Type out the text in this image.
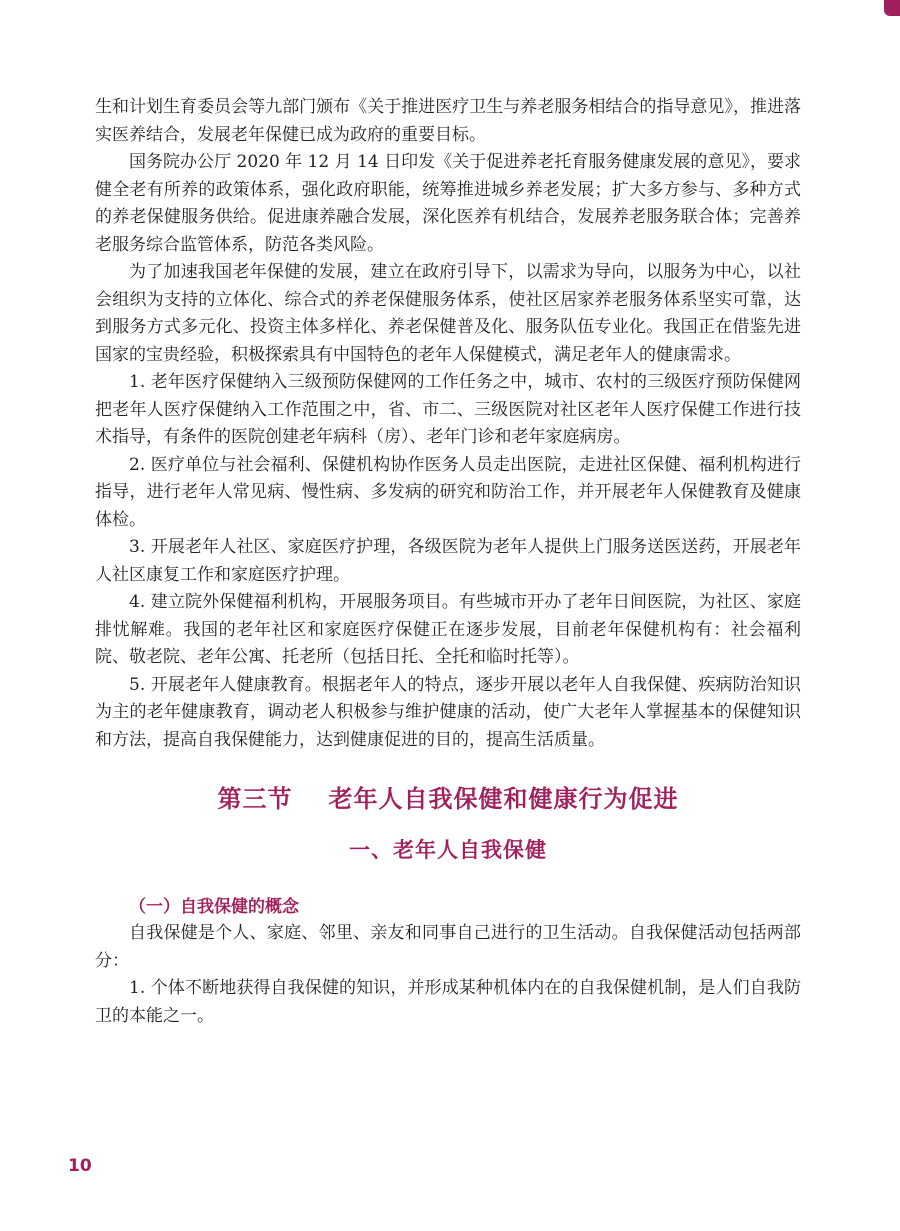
生和计划生育委员会等九部门颁布《关于推进医疗卫生与养老服务相结合的指导意见》，推进落实医养结合，发展老年保健已成为政府的重要目标。

国务院办公厅 2020 年 12 月 14 日印发《关于促进养老托育服务健康发展的意见》，要求健全老有所养的政策体系，强化政府职能，统筹推进城乡养老发展；扩大多方参与、多种方式的养老保健服务供给。促进康养融合发展，深化医养有机结合，发展养老服务联合体；完善养老服务综合监管体系，防范各类风险。

为了加速我国老年保健的发展，建立在政府引导下，以需求为导向，以服务为中心，以社会组织为支持的立体化、综合式的养老保健服务体系，使社区居家养老服务体系坚实可靠，达到服务方式多元化、投资主体多样化、养老保健普及化、服务队伍专业化。我国正在借鉴先进国家的宝贵经验，积极探索具有中国特色的老年人保健模式，满足老年人的健康需求。

1. 老年医疗保健纳入三级预防保健网的工作任务之中，城市、农村的三级医疗预防保健网把老年人医疗保健纳入工作范围之中，省、市二、三级医院对社区老年人医疗保健工作进行技术指导，有条件的医院创建老年病科（房）、老年门诊和老年家庭病房。

2. 医疗单位与社会福利、保健机构协作医务人员走出医院，走进社区保健、福利机构进行指导，进行老年人常见病、慢性病、多发病的研究和防治工作，并开展老年人保健教育及健康体检。

3. 开展老年人社区、家庭医疗护理，各级医院为老年人提供上门服务送医送药，开展老年人社区康复工作和家庭医疗护理。

4. 建立院外保健福利机构，开展服务项目。有些城市开办了老年日间医院，为社区、家庭排忧解难。我国的老年社区和家庭医疗保健正在逐步发展，目前老年保健机构有：社会福利院、敬老院、老年公寓、托老所（包括日托、全托和临时托等）。

5. 开展老年人健康教育。根据老年人的特点，逐步开展以老年人自我保健、疾病防治知识为主的老年健康教育，调动老人积极参与维护健康的活动，使广大老年人掌握基本的保健知识和方法，提高自我保健能力，达到健康促进的目的，提高生活质量。

第三节 老年人自我保健和健康行为促进
一、老年人自我保健
（一）自我保健的概念

自我保健是个人、家庭、邻里、亲友和同事自己进行的卫生活动。自我保健活动包括两部分：

1. 个体不断地获得自我保健的知识，并形成某种机体内在的自我保健机制，是人们自我防卫的本能之一。

10
